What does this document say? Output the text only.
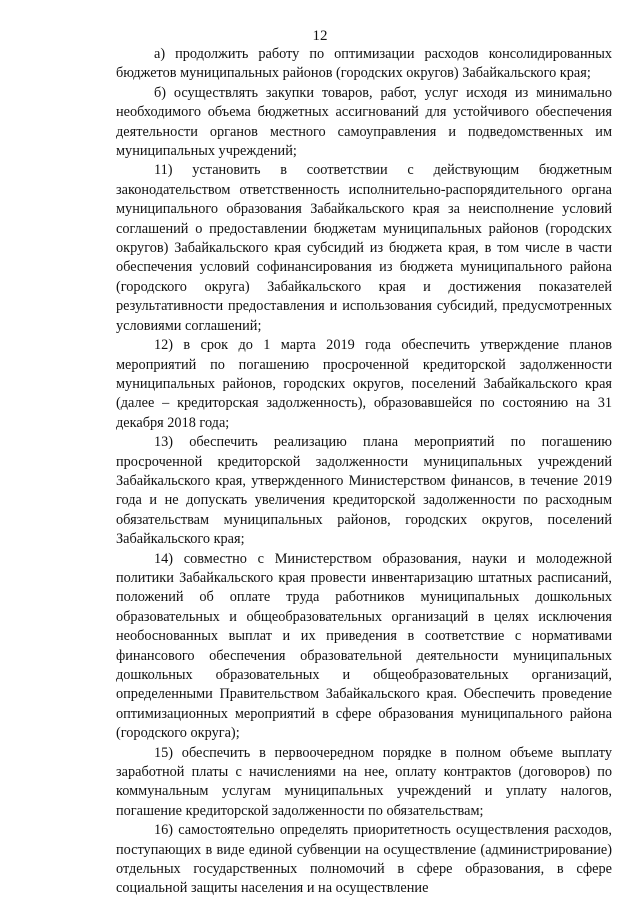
12

а) продолжить работу по оптимизации расходов консолидированных бюджетов муниципальных районов (городских округов) Забайкальского края;

б) осуществлять закупки товаров, работ, услуг исходя из минимально необходимого объема бюджетных ассигнований для устойчивого обеспечения деятельности органов местного самоуправления и подведомственных им муниципальных учреждений;

11) установить в соответствии с действующим бюджетным законодательством ответственность исполнительно-распорядительного органа муниципального образования Забайкальского края за неисполнение условий соглашений о предоставлении бюджетам муниципальных районов (городских округов) Забайкальского края субсидий из бюджета края, в том числе в части обеспечения условий софинансирования из бюджета муниципального района (городского округа) Забайкальского края и достижения показателей результативности предоставления и использования субсидий, предусмотренных условиями соглашений;

12) в срок до 1 марта 2019 года обеспечить утверждение планов мероприятий по погашению просроченной кредиторской задолженности муниципальных районов, городских округов, поселений Забайкальского края (далее – кредиторская задолженность), образовавшейся по состоянию на 31 декабря 2018 года;

13) обеспечить реализацию плана мероприятий по погашению просроченной кредиторской задолженности муниципальных учреждений Забайкальского края, утвержденного Министерством финансов, в течение 2019 года и не допускать увеличения кредиторской задолженности по расходным обязательствам муниципальных районов, городских округов, поселений Забайкальского края;

14) совместно с Министерством образования, науки и молодежной политики Забайкальского края провести инвентаризацию штатных расписаний, положений об оплате труда работников муниципальных дошкольных образовательных и общеобразовательных организаций в целях исключения необоснованных выплат и их приведения в соответствие с нормативами финансового обеспечения образовательной деятельности муниципальных дошкольных образовательных и общеобразовательных организаций, определенными Правительством Забайкальского края. Обеспечить проведение оптимизационных мероприятий в сфере образования муниципального района (городского округа);

15) обеспечить в первоочередном порядке в полном объеме выплату заработной платы с начислениями на нее, оплату контрактов (договоров) по коммунальным услугам муниципальных учреждений и уплату налогов, погашение кредиторской задолженности по обязательствам;

16) самостоятельно определять приоритетность осуществления расходов, поступающих в виде единой субвенции на осуществление (администрирование) отдельных государственных полномочий в сфере образования, в сфере социальной защиты населения и на осуществление
